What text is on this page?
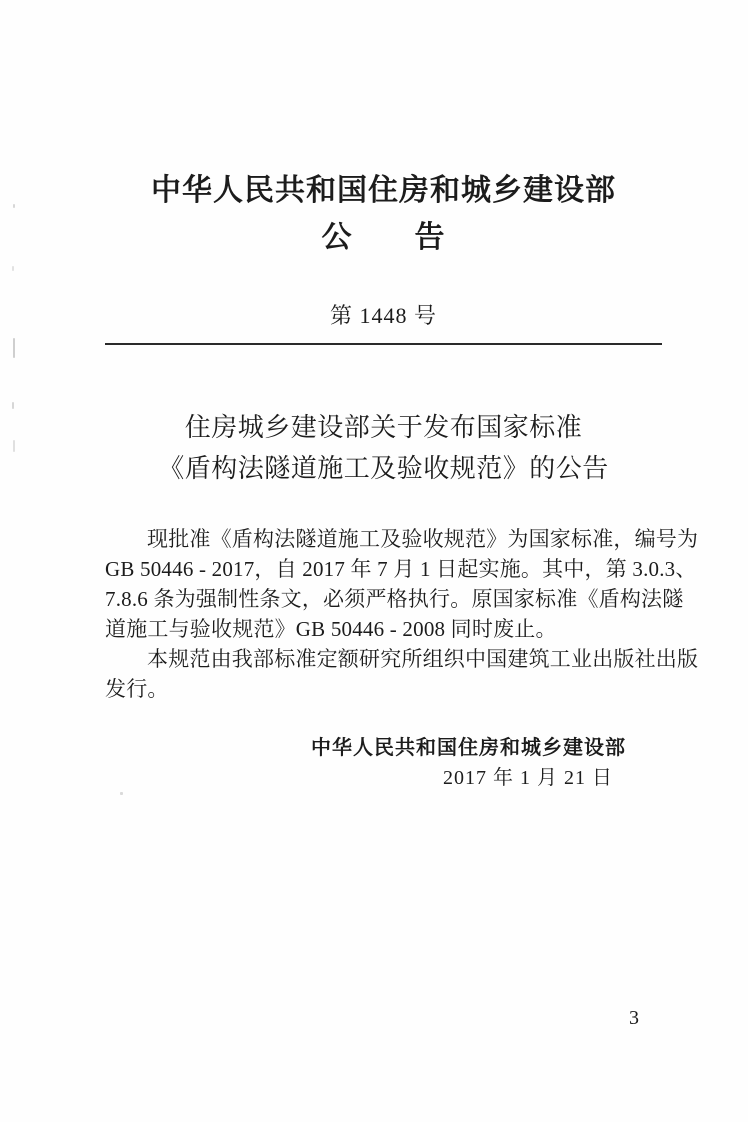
中华人民共和国住房和城乡建设部
公　　告
第 1448 号
住房城乡建设部关于发布国家标准
《盾构法隧道施工及验收规范》的公告
现批准《盾构法隧道施工及验收规范》为国家标准，编号为
GB 50446 - 2017，自 2017 年 7 月 1 日起实施。其中，第 3.0.3、
7.8.6 条为强制性条文，必须严格执行。原国家标准《盾构法隧
道施工与验收规范》GB 50446 - 2008 同时废止。
本规范由我部标准定额研究所组织中国建筑工业出版社出版
发行。
中华人民共和国住房和城乡建设部
2017 年 1 月 21 日
3
